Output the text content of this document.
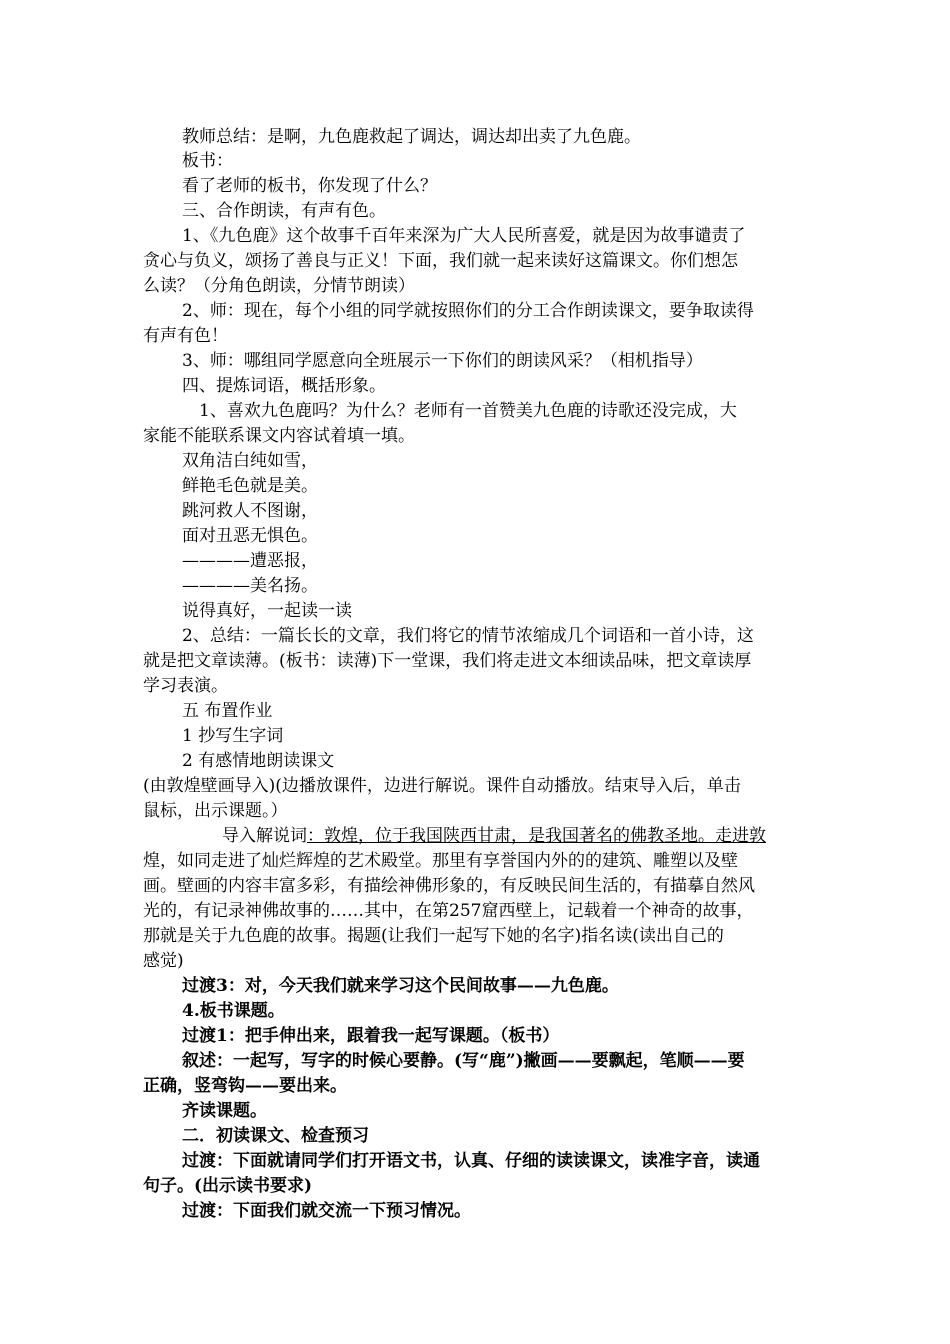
教师总结：是啊，九色鹿救起了调达，调达却出卖了九色鹿。
板书：
看了老师的板书，你发现了什么？
三、合作朗读，有声有色。
1、《九色鹿》这个故事千百年来深为广大人民所喜爱，就是因为故事谴责了
贪心与负义，颂扬了善良与正义！下面，我们就一起来读好这篇课文。你们想怎
么读？（分角色朗读，分情节朗读）
2、师：现在，每个小组的同学就按照你们的分工合作朗读课文，要争取读得
有声有色！
3、师：哪组同学愿意向全班展示一下你们的朗读风采？（相机指导）
四、提炼词语，概括形象。
1、喜欢九色鹿吗？为什么？老师有一首赞美九色鹿的诗歌还没完成，大
家能不能联系课文内容试着填一填。
双角洁白纯如雪，
鲜艳毛色就是美。
跳河救人不图谢，
面对丑恶无惧色。
————遭恶报，
————美名扬。
说得真好，一起读一读
2、总结：一篇长长的文章，我们将它的情节浓缩成几个词语和一首小诗，这
就是把文章读薄。(板书：读薄)下一堂课，我们将走进文本细读品味，把文章读厚
学习表演。
五 布置作业
1 抄写生字词
2 有感情地朗读课文
(由敦煌壁画导入)(边播放课件，边进行解说。课件自动播放。结束导入后，单击
鼠标，出示课题。）
导入解说词：敦煌，位于我国陕西甘肃，是我国著名的佛教圣地。走进敦
煌，如同走进了灿烂辉煌的艺术殿堂。那里有享誉国内外的的建筑、雕塑以及壁
画。壁画的内容丰富多彩，有描绘神佛形象的，有反映民间生活的，有描摹自然风
光的，有记录神佛故事的……其中，在第257窟西壁上，记载着一个神奇的故事，
那就是关于九色鹿的故事。揭题(让我们一起写下她的名字)指名读(读出自己的
感觉)
过渡3：对，今天我们就来学习这个民间故事——九色鹿。
4.板书课题。
过渡1：把手伸出来，跟着我一起写课题。（板书）
叙述：一起写，写字的时候心要静。(写“鹿”)撇画——要飘起，笔顺——要
正确，竖弯钩——要出来。
齐读课题。
二．初读课文、检查预习
过渡：下面就请同学们打开语文书，认真、仔细的读读课文，读准字音，读通
句子。(出示读书要求)
过渡：下面我们就交流一下预习情况。
